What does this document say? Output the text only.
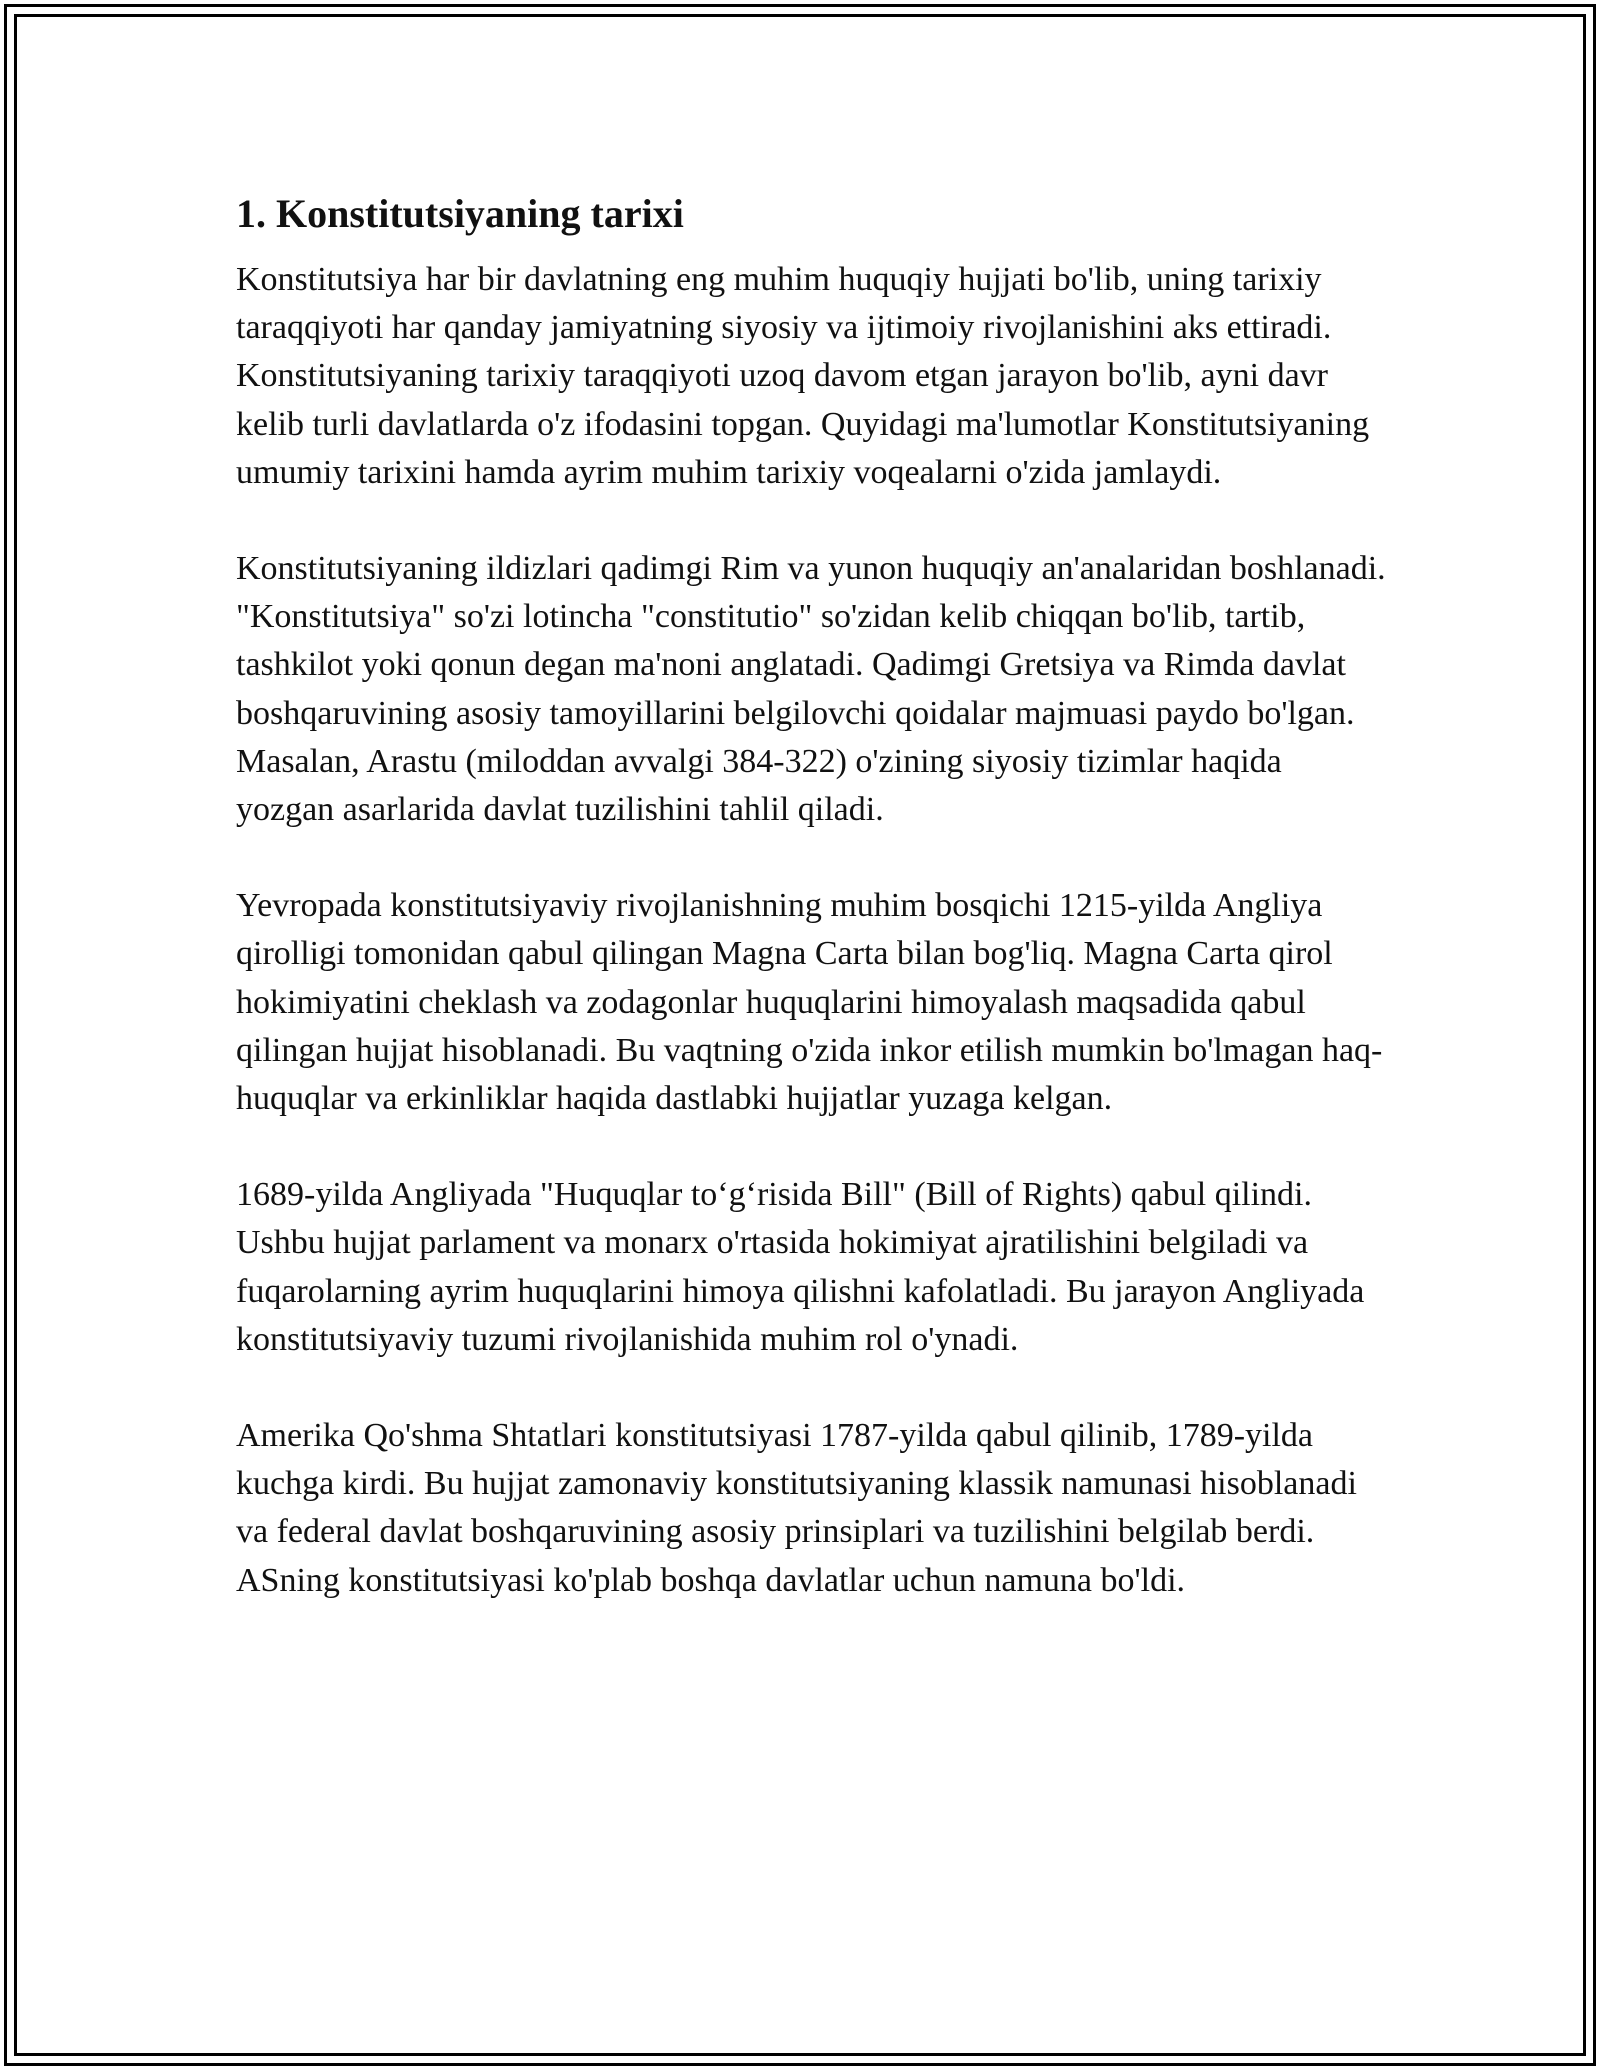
1. Konstitutsiyaning tarixi

Konstitutsiya har bir davlatning eng muhim huquqiy hujjati bo'lib, uning tarixiy taraqqiyoti har qanday jamiyatning siyosiy va ijtimoiy rivojlanishini aks ettiradi. Konstitutsiyaning tarixiy taraqqiyoti uzoq davom etgan jarayon bo'lib, ayni davr kelib turli davlatlarda o'z ifodasini topgan. Quyidagi ma'lumotlar Konstitutsiyaning umumiy tarixini hamda ayrim muhim tarixiy voqealarni o'zida jamlaydi.

Konstitutsiyaning ildizlari qadimgi Rim va yunon huquqiy an'analaridan boshlanadi. "Konstitutsiya" so'zi lotincha "constitutio" so'zidan kelib chiqqan bo'lib, tartib, tashkilot yoki qonun degan ma'noni anglatadi. Qadimgi Gretsiya va Rimda davlat boshqaruvining asosiy tamoyillarini belgilovchi qoidalar majmuasi paydo bo'lgan. Masalan, Arastu (miloddan avvalgi 384-322) o'zining siyosiy tizimlar haqida yozgan asarlarida davlat tuzilishini tahlil qiladi.

Yevropada konstitutsiyaviy rivojlanishning muhim bosqichi 1215-yilda Angliya qirolligi tomonidan qabul qilingan Magna Carta bilan bog'liq. Magna Carta qirol hokimiyatini cheklash va zodagonlar huquqlarini himoyalash maqsadida qabul qilingan hujjat hisoblanadi. Bu vaqtning o'zida inkor etilish mumkin bo'lmagan haq-huquqlar va erkinliklar haqida dastlabki hujjatlar yuzaga kelgan.

1689-yilda Angliyada "Huquqlar to‘g‘risida Bill" (Bill of Rights) qabul qilindi. Ushbu hujjat parlament va monarx o'rtasida hokimiyat ajratilishini belgiladi va fuqarolarning ayrim huquqlarini himoya qilishni kafolatladi. Bu jarayon Angliyada konstitutsiyaviy tuzumi rivojlanishida muhim rol o'ynadi.

Amerika Qo'shma Shtatlari konstitutsiyasi 1787-yilda qabul qilinib, 1789-yilda kuchga kirdi. Bu hujjat zamonaviy konstitutsiyaning klassik namunasi hisoblanadi va federal davlat boshqaruvining asosiy prinsiplari va tuzilishini belgilab berdi. ASning konstitutsiyasi ko'plab boshqa davlatlar uchun namuna bo'ldi.
